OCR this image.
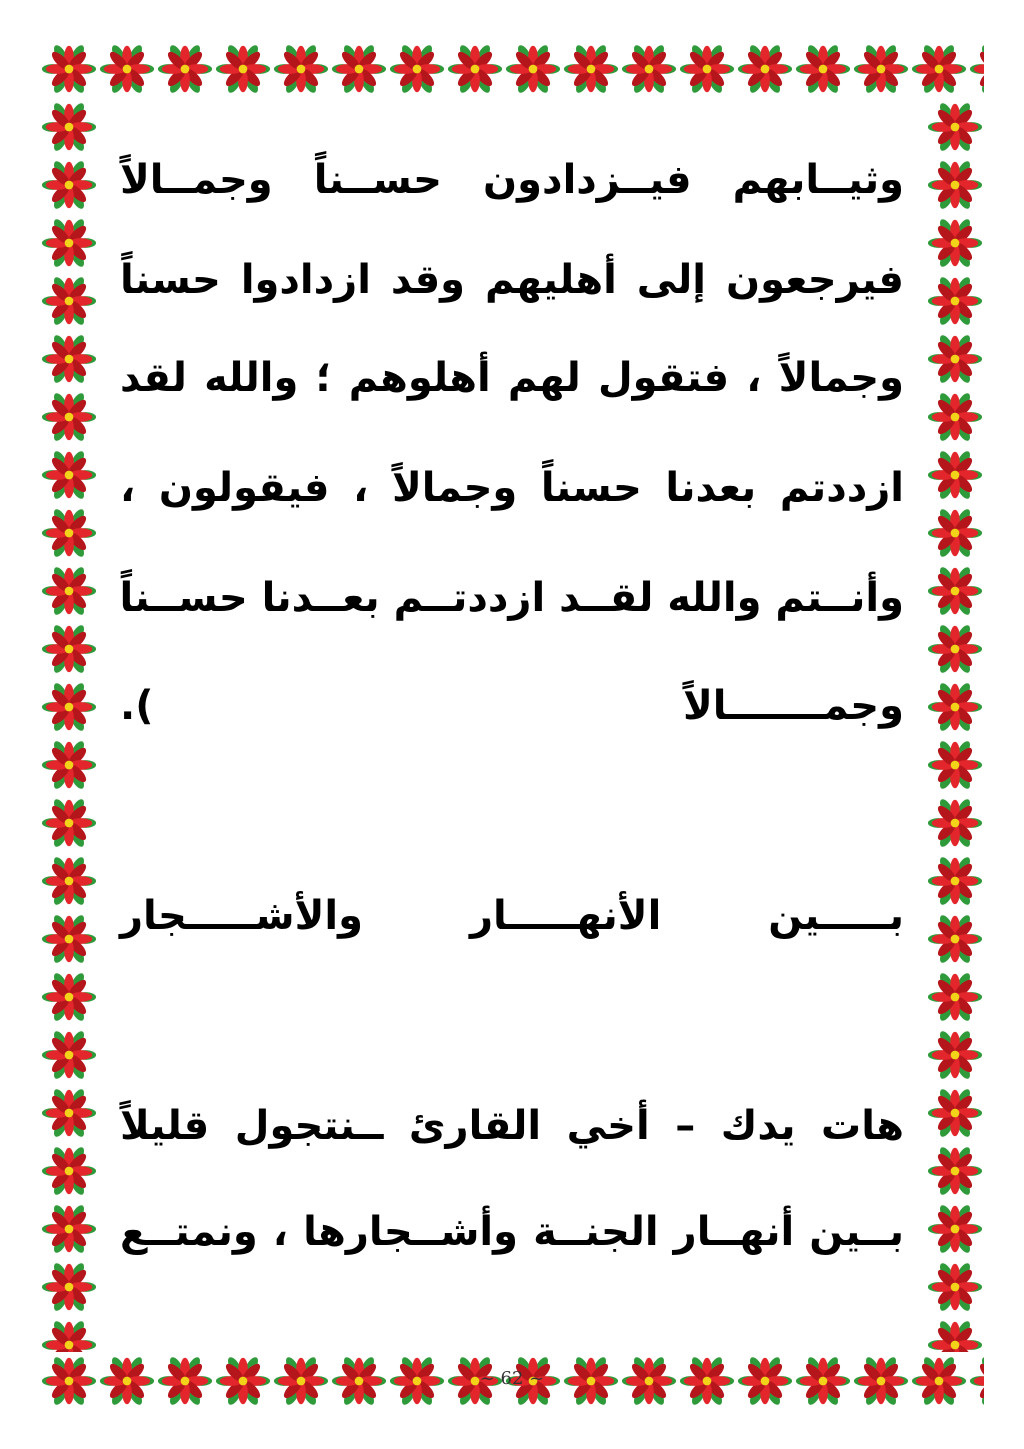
وثيــابهم فيــزدادون حســناً وجمــالاً
فيرجعون إلى أهليهم وقد ازدادوا حسناً
وجمالاً ، فتقول لهم أهلوهم ؛ والله لقد
ازددتم بعدنا حسناً وجمالاً ، فيقولون ،
وأنــتم والله لقــد ازددتــم بعــدنا حســناً
وجمـــــــالاً
).
بـــــين الأنهـــــار والأشـــــجار
هات يدك – أخي القارئ ــنتجول قليلاً
بــين أنهــار الجنــة وأشــجارها ، ونمتــع
~ 62 ~
